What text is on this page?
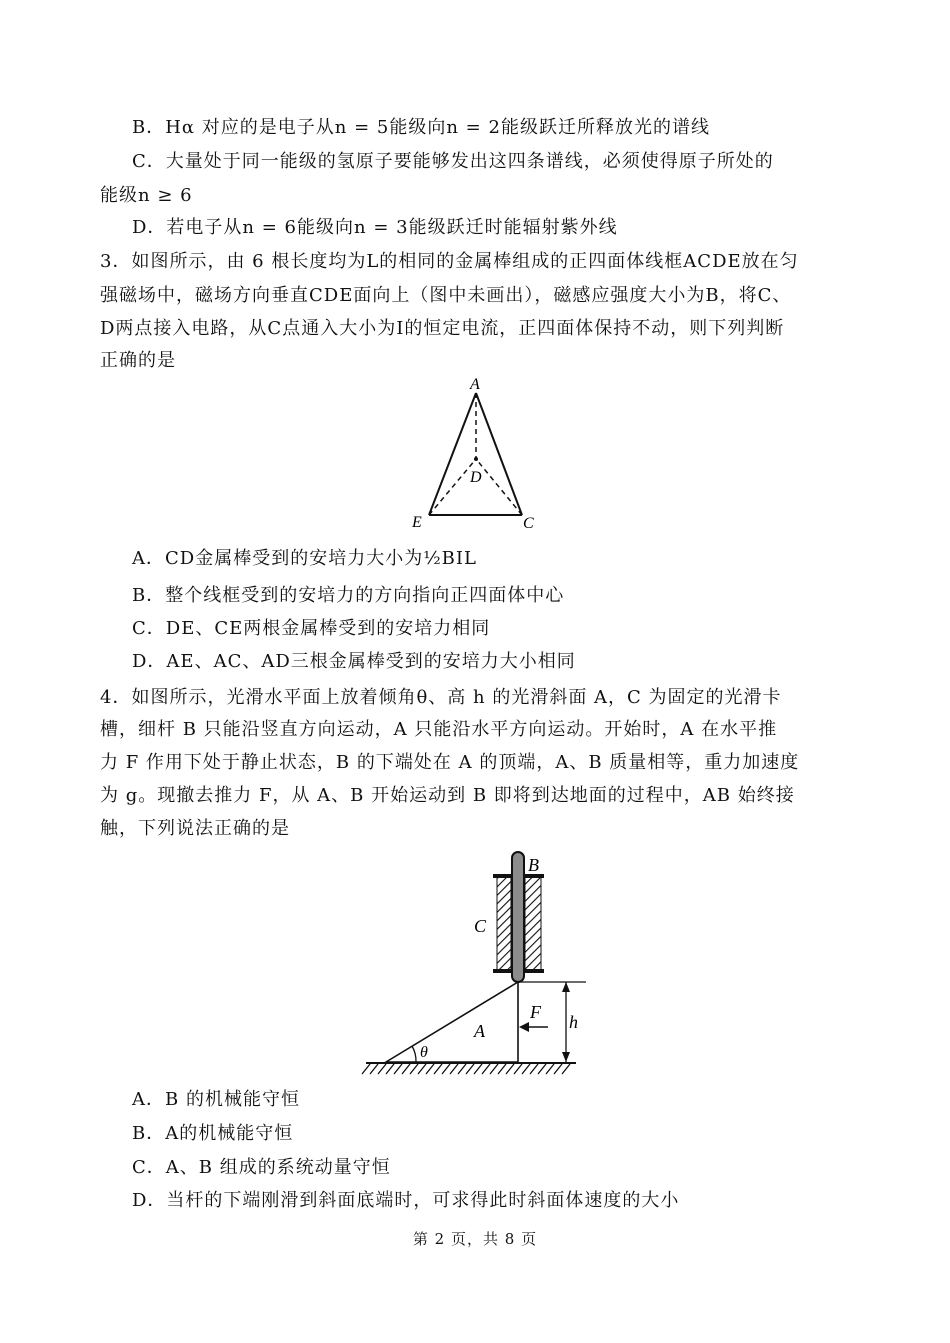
B．Hα 对应的是电子从n = 5能级向n = 2能级跃迁所释放光的谱线
C．大量处于同一能级的氢原子要能够发出这四条谱线，必须使得原子所处的
能级n ≥ 6
D．若电子从n = 6能级向n = 3能级跃迁时能辐射紫外线
3．如图所示，由 6 根长度均为L的相同的金属棒组成的正四面体线框ACDE放在匀
强磁场中，磁场方向垂直CDE面向上（图中未画出），磁感应强度大小为B，将C、
D两点接入电路，从C点通入大小为I的恒定电流，正四面体保持不动，则下列判断
正确的是
A
D
E	C
A．CD金属棒受到的安培力大小为½BIL
B．整个线框受到的安培力的方向指向正四面体中心
C．DE、CE两根金属棒受到的安培力相同
D．AE、AC、AD三根金属棒受到的安培力大小相同
4．如图所示，光滑水平面上放着倾角θ、高 h 的光滑斜面 A，C 为固定的光滑卡
槽，细杆 B 只能沿竖直方向运动，A 只能沿水平方向运动。开始时，A 在水平推
力 F 作用下处于静止状态，B 的下端处在 A 的顶端，A、B 质量相等，重力加速度
为 g。现撤去推力 F，从 A、B 开始运动到 B 即将到达地面的过程中，AB 始终接
触，下列说法正确的是
B
C
A
F h
θ
A．B 的机械能守恒
B．A的机械能守恒
C．A、B 组成的系统动量守恒
D．当杆的下端刚滑到斜面底端时，可求得此时斜面体速度的大小
第 2 页，共 8 页
